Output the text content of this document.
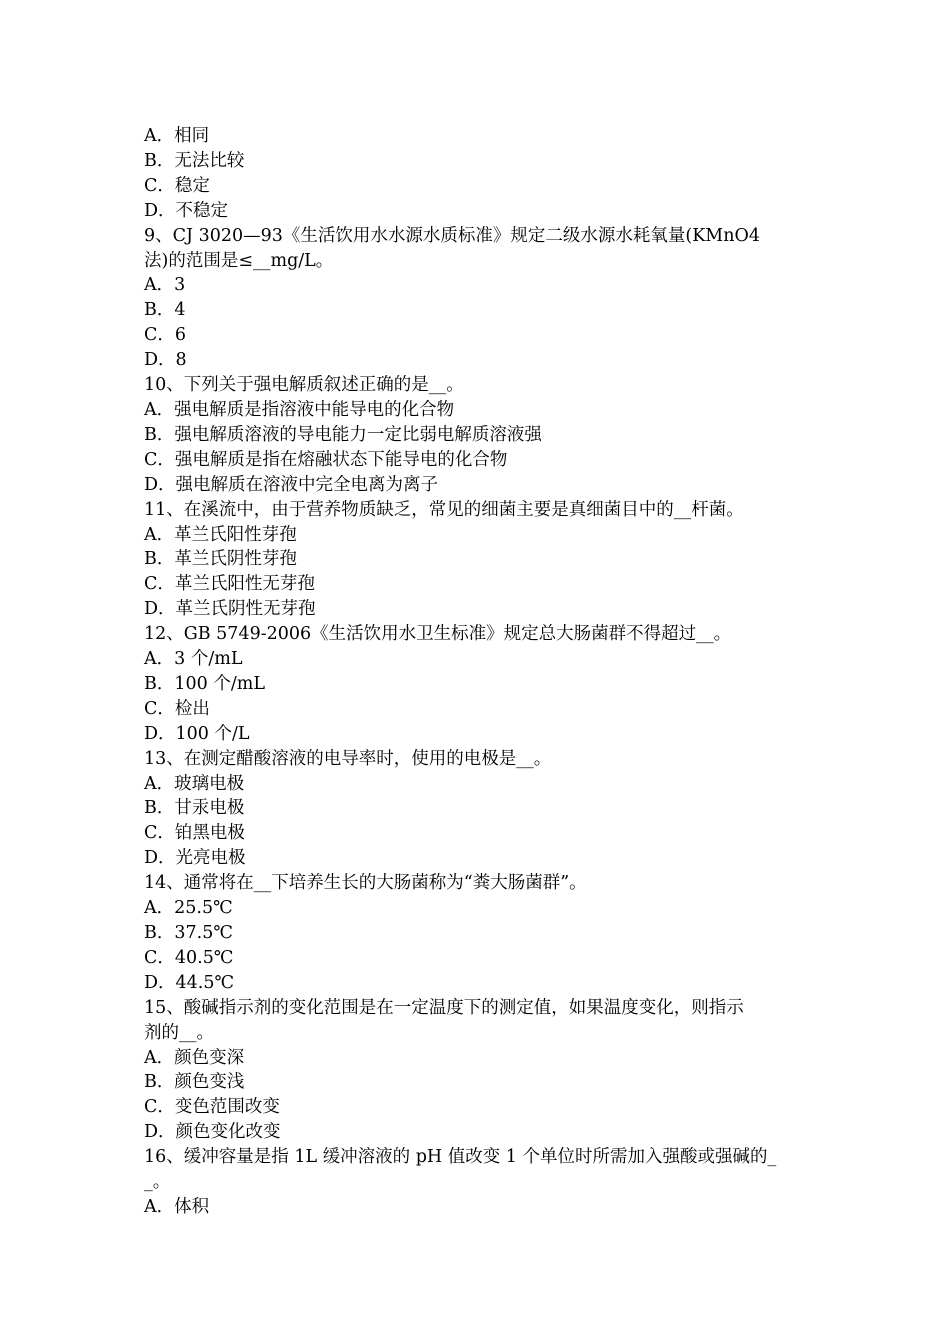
A．相同
B．无法比较
C．稳定
D．不稳定
9、CJ 3020—93《生活饮用水水源水质标准》规定二级水源水耗氧量(KMnO4
法)的范围是≤__mg/L。
A．3
B．4
C．6
D．8
10、下列关于强电解质叙述正确的是__。
A．强电解质是指溶液中能导电的化合物
B．强电解质溶液的导电能力一定比弱电解质溶液强
C．强电解质是指在熔融状态下能导电的化合物
D．强电解质在溶液中完全电离为离子
11、在溪流中，由于营养物质缺乏，常见的细菌主要是真细菌目中的__杆菌。
A．革兰氏阳性芽孢
B．革兰氏阴性芽孢
C．革兰氏阳性无芽孢
D．革兰氏阴性无芽孢
12、GB 5749-2006《生活饮用水卫生标准》规定总大肠菌群不得超过__。
A．3 个/mL
B．100 个/mL
C．检出
D．100 个/L
13、在测定醋酸溶液的电导率时，使用的电极是__。
A．玻璃电极
B．甘汞电极
C．铂黑电极
D．光亮电极
14、通常将在__下培养生长的大肠菌称为“粪大肠菌群”。
A．25.5℃
B．37.5℃
C．40.5℃
D．44.5℃
15、酸碱指示剂的变化范围是在一定温度下的测定值，如果温度变化，则指示
剂的__。
A．颜色变深
B．颜色变浅
C．变色范围改变
D．颜色变化改变
16、缓冲容量是指 1L 缓冲溶液的 pH 值改变 1 个单位时所需加入强酸或强碱的_
_。
A．体积
